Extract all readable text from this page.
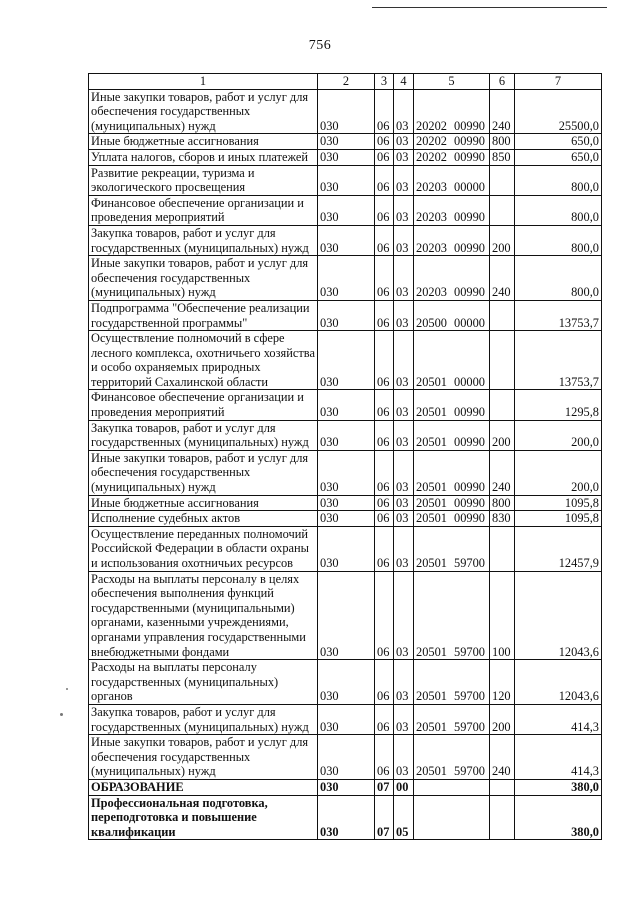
756
1	2	3	4	5	6	7
Иные закупки товаров, работ и услуг для обеспечения государственных (муниципальных) нужд	030	06	03	20202 00990	240	25500,0
Иные бюджетные ассигнования	030	06	03	20202 00990	800	650,0
Уплата налогов, сборов и иных платежей	030	06	03	20202 00990	850	650,0
Развитие рекреации, туризма и экологического просвещения	030	06	03	20203 00000		800,0
Финансовое обеспечение организации и проведения мероприятий	030	06	03	20203 00990		800,0
Закупка товаров, работ и услуг для государственных (муниципальных) нужд	030	06	03	20203 00990	200	800,0
Иные закупки товаров, работ и услуг для обеспечения государственных (муниципальных) нужд	030	06	03	20203 00990	240	800,0
Подпрограмма "Обеспечение реализации государственной программы"	030	06	03	20500 00000		13753,7
Осуществление полномочий в сфере лесного комплекса, охотничьего хозяйства и особо охраняемых природных территорий Сахалинской области	030	06	03	20501 00000		13753,7
Финансовое обеспечение организации и проведения мероприятий	030	06	03	20501 00990		1295,8
Закупка товаров, работ и услуг для государственных (муниципальных) нужд	030	06	03	20501 00990	200	200,0
Иные закупки товаров, работ и услуг для обеспечения государственных (муниципальных) нужд	030	06	03	20501 00990	240	200,0
Иные бюджетные ассигнования	030	06	03	20501 00990	800	1095,8
Исполнение судебных актов	030	06	03	20501 00990	830	1095,8
Осуществление переданных полномочий Российской Федерации в области охраны и использования охотничьих ресурсов	030	06	03	20501 59700		12457,9
Расходы на выплаты персоналу в целях обеспечения выполнения функций государственными (муниципальными) органами, казенными учреждениями, органами управления государственными внебюджетными фондами	030	06	03	20501 59700	100	12043,6
Расходы на выплаты персоналу государственных (муниципальных) органов	030	06	03	20501 59700	120	12043,6
Закупка товаров, работ и услуг для государственных (муниципальных) нужд	030	06	03	20501 59700	200	414,3
Иные закупки товаров, работ и услуг для обеспечения государственных (муниципальных) нужд	030	06	03	20501 59700	240	414,3
ОБРАЗОВАНИЕ	030	07	00			380,0
Профессиональная подготовка, переподготовка и повышение квалификации	030	07	05			380,0
